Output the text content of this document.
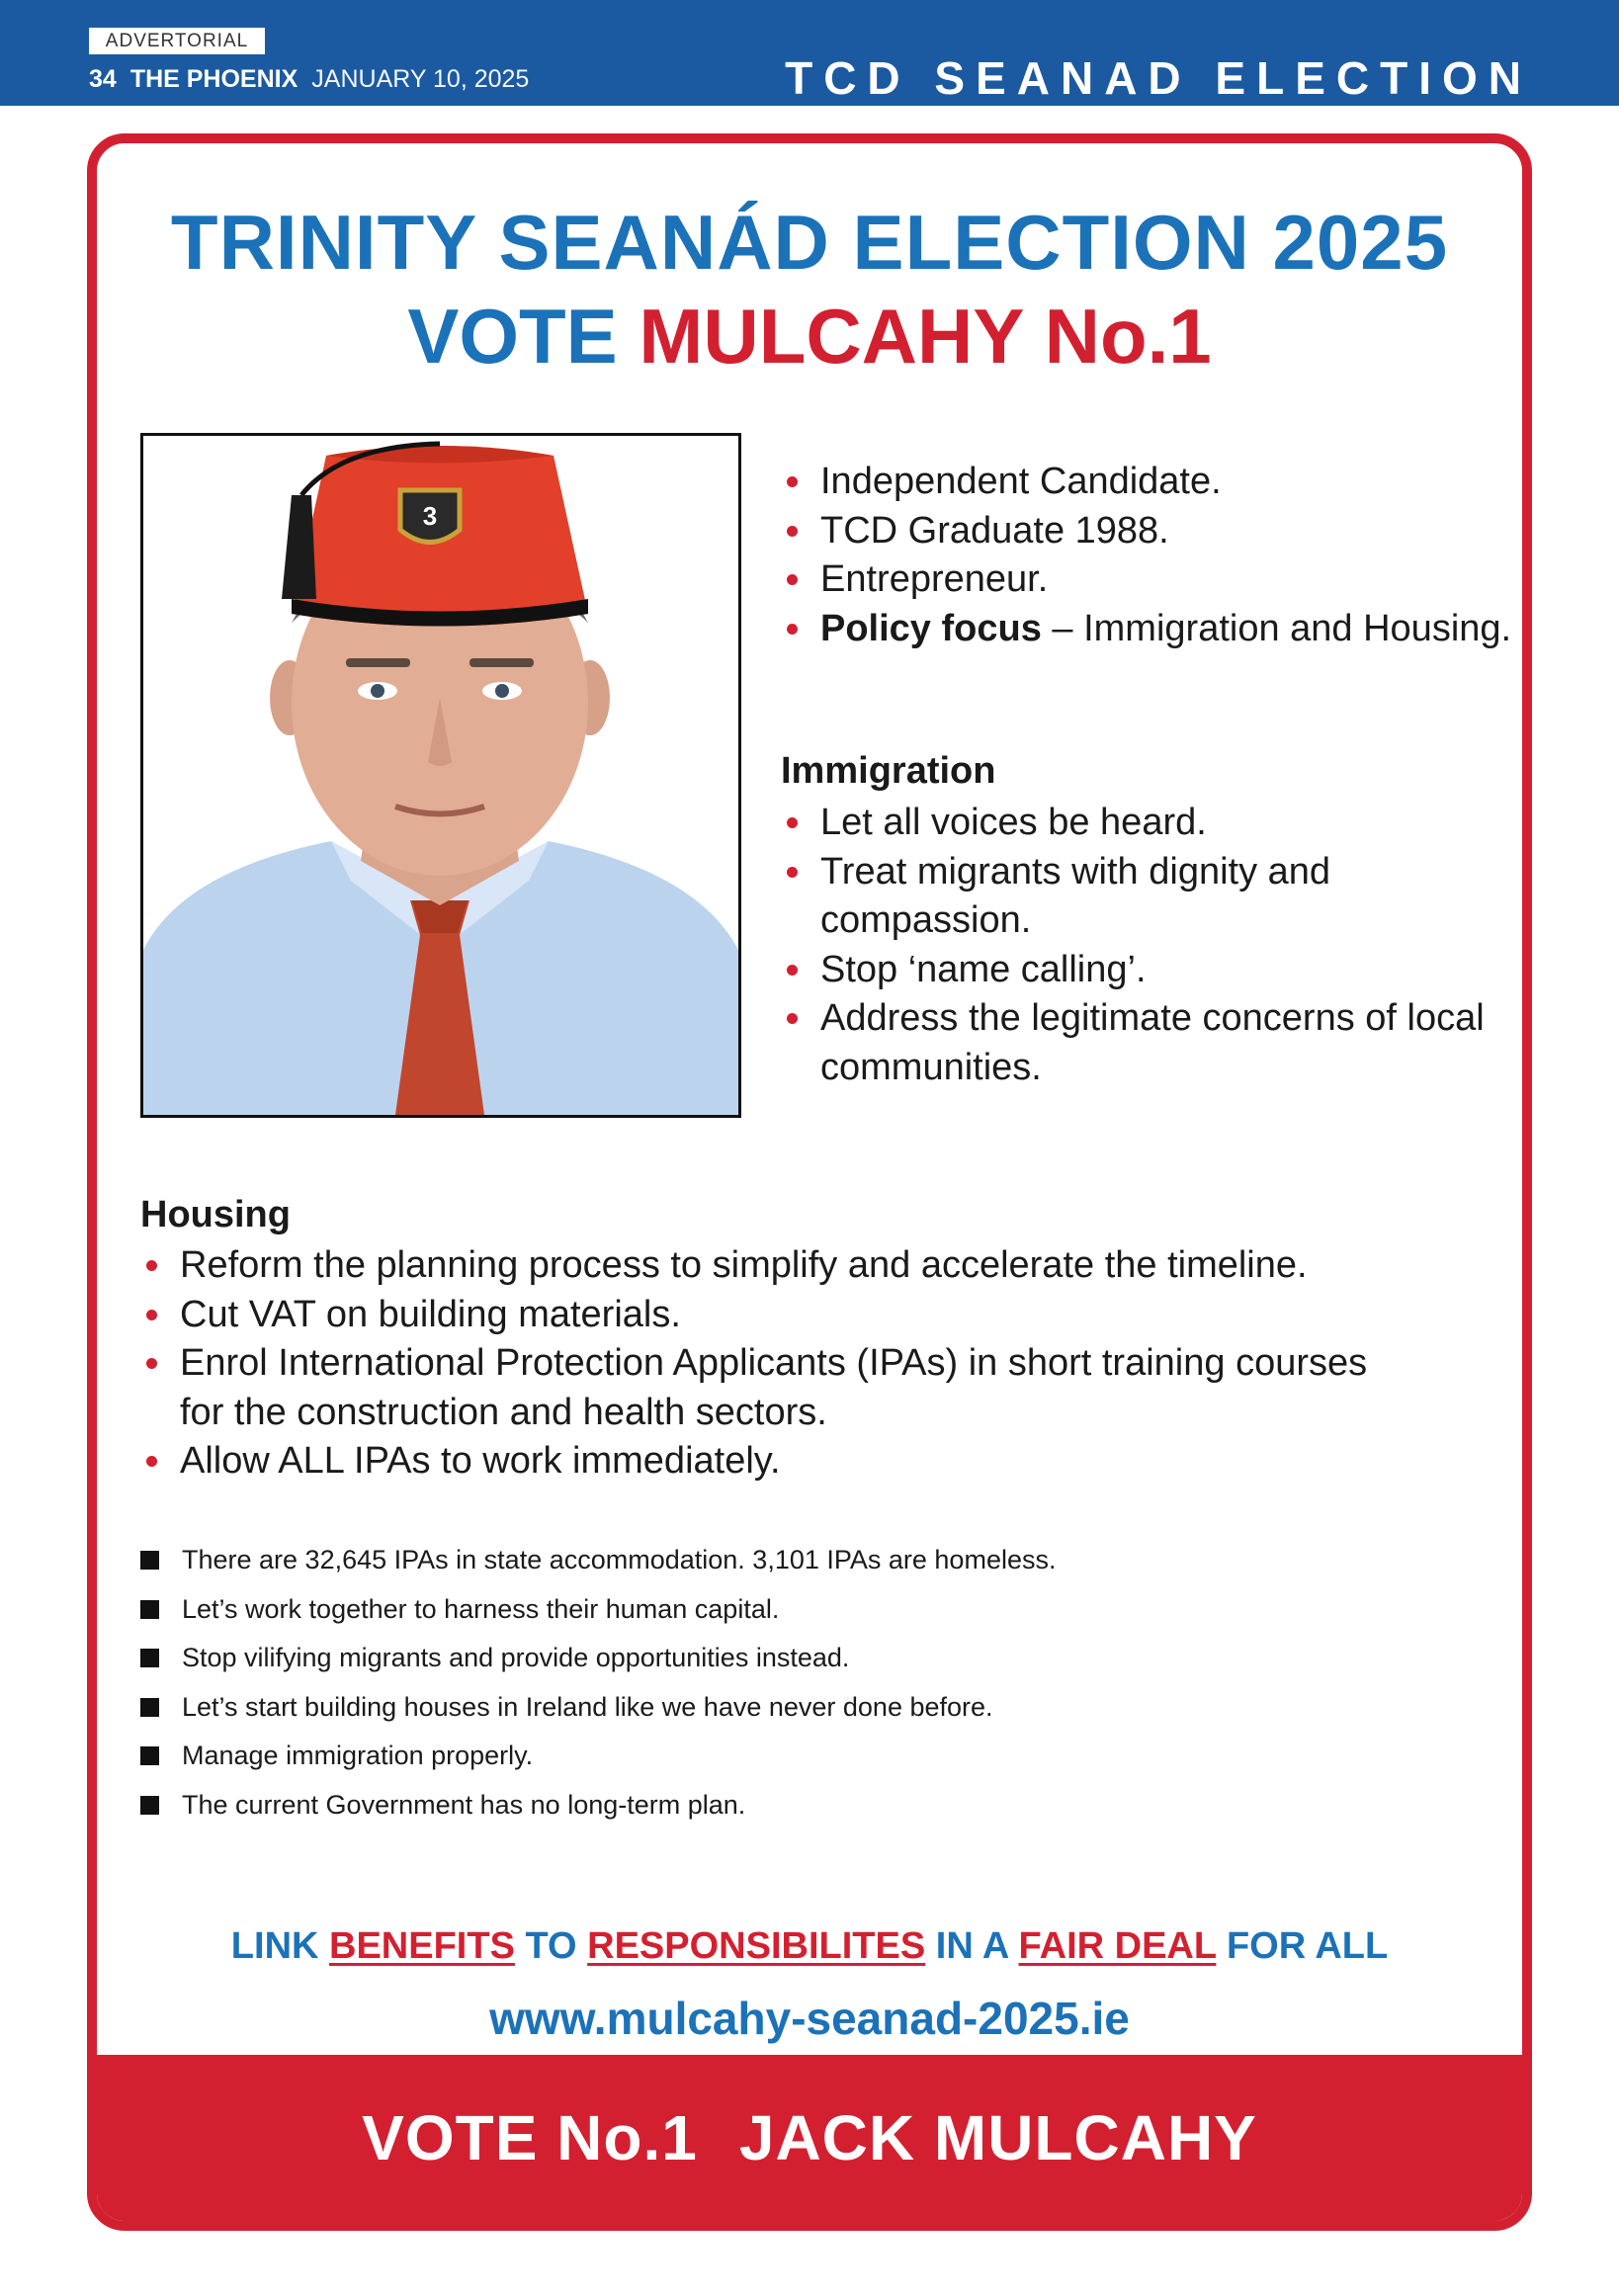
ADVERTORIAL
34 THE PHOENIX JANUARY 10, 2025	TCD SEANAD ELECTION
TRINITY SEANÁD ELECTION 2025
VOTE MULCAHY No.1
3
Independent Candidate.
TCD Graduate 1988.
Entrepreneur.
Policy focus – Immigration and Housing.
Immigration
Let all voices be heard.
Treat migrants with dignity and compassion.
Stop ‘name calling’.
Address the legitimate concerns of local communities.
Housing
Reform the planning process to simplify and accelerate the timeline.
Cut VAT on building materials.
Enrol International Protection Applicants (IPAs) in short training courses for the construction and health sectors.
Allow ALL IPAs to work immediately.
There are 32,645 IPAs in state accommodation. 3,101 IPAs are homeless.
Let’s work together to harness their human capital.
Stop vilifying migrants and provide opportunities instead.
Let’s start building houses in Ireland like we have never done before.
Manage immigration properly.
The current Government has no long-term plan.
LINK BENEFITS TO RESPONSIBILITES IN A FAIR DEAL FOR ALL
www.mulcahy-seanad-2025.ie
VOTE No.1 JACK MULCAHY
